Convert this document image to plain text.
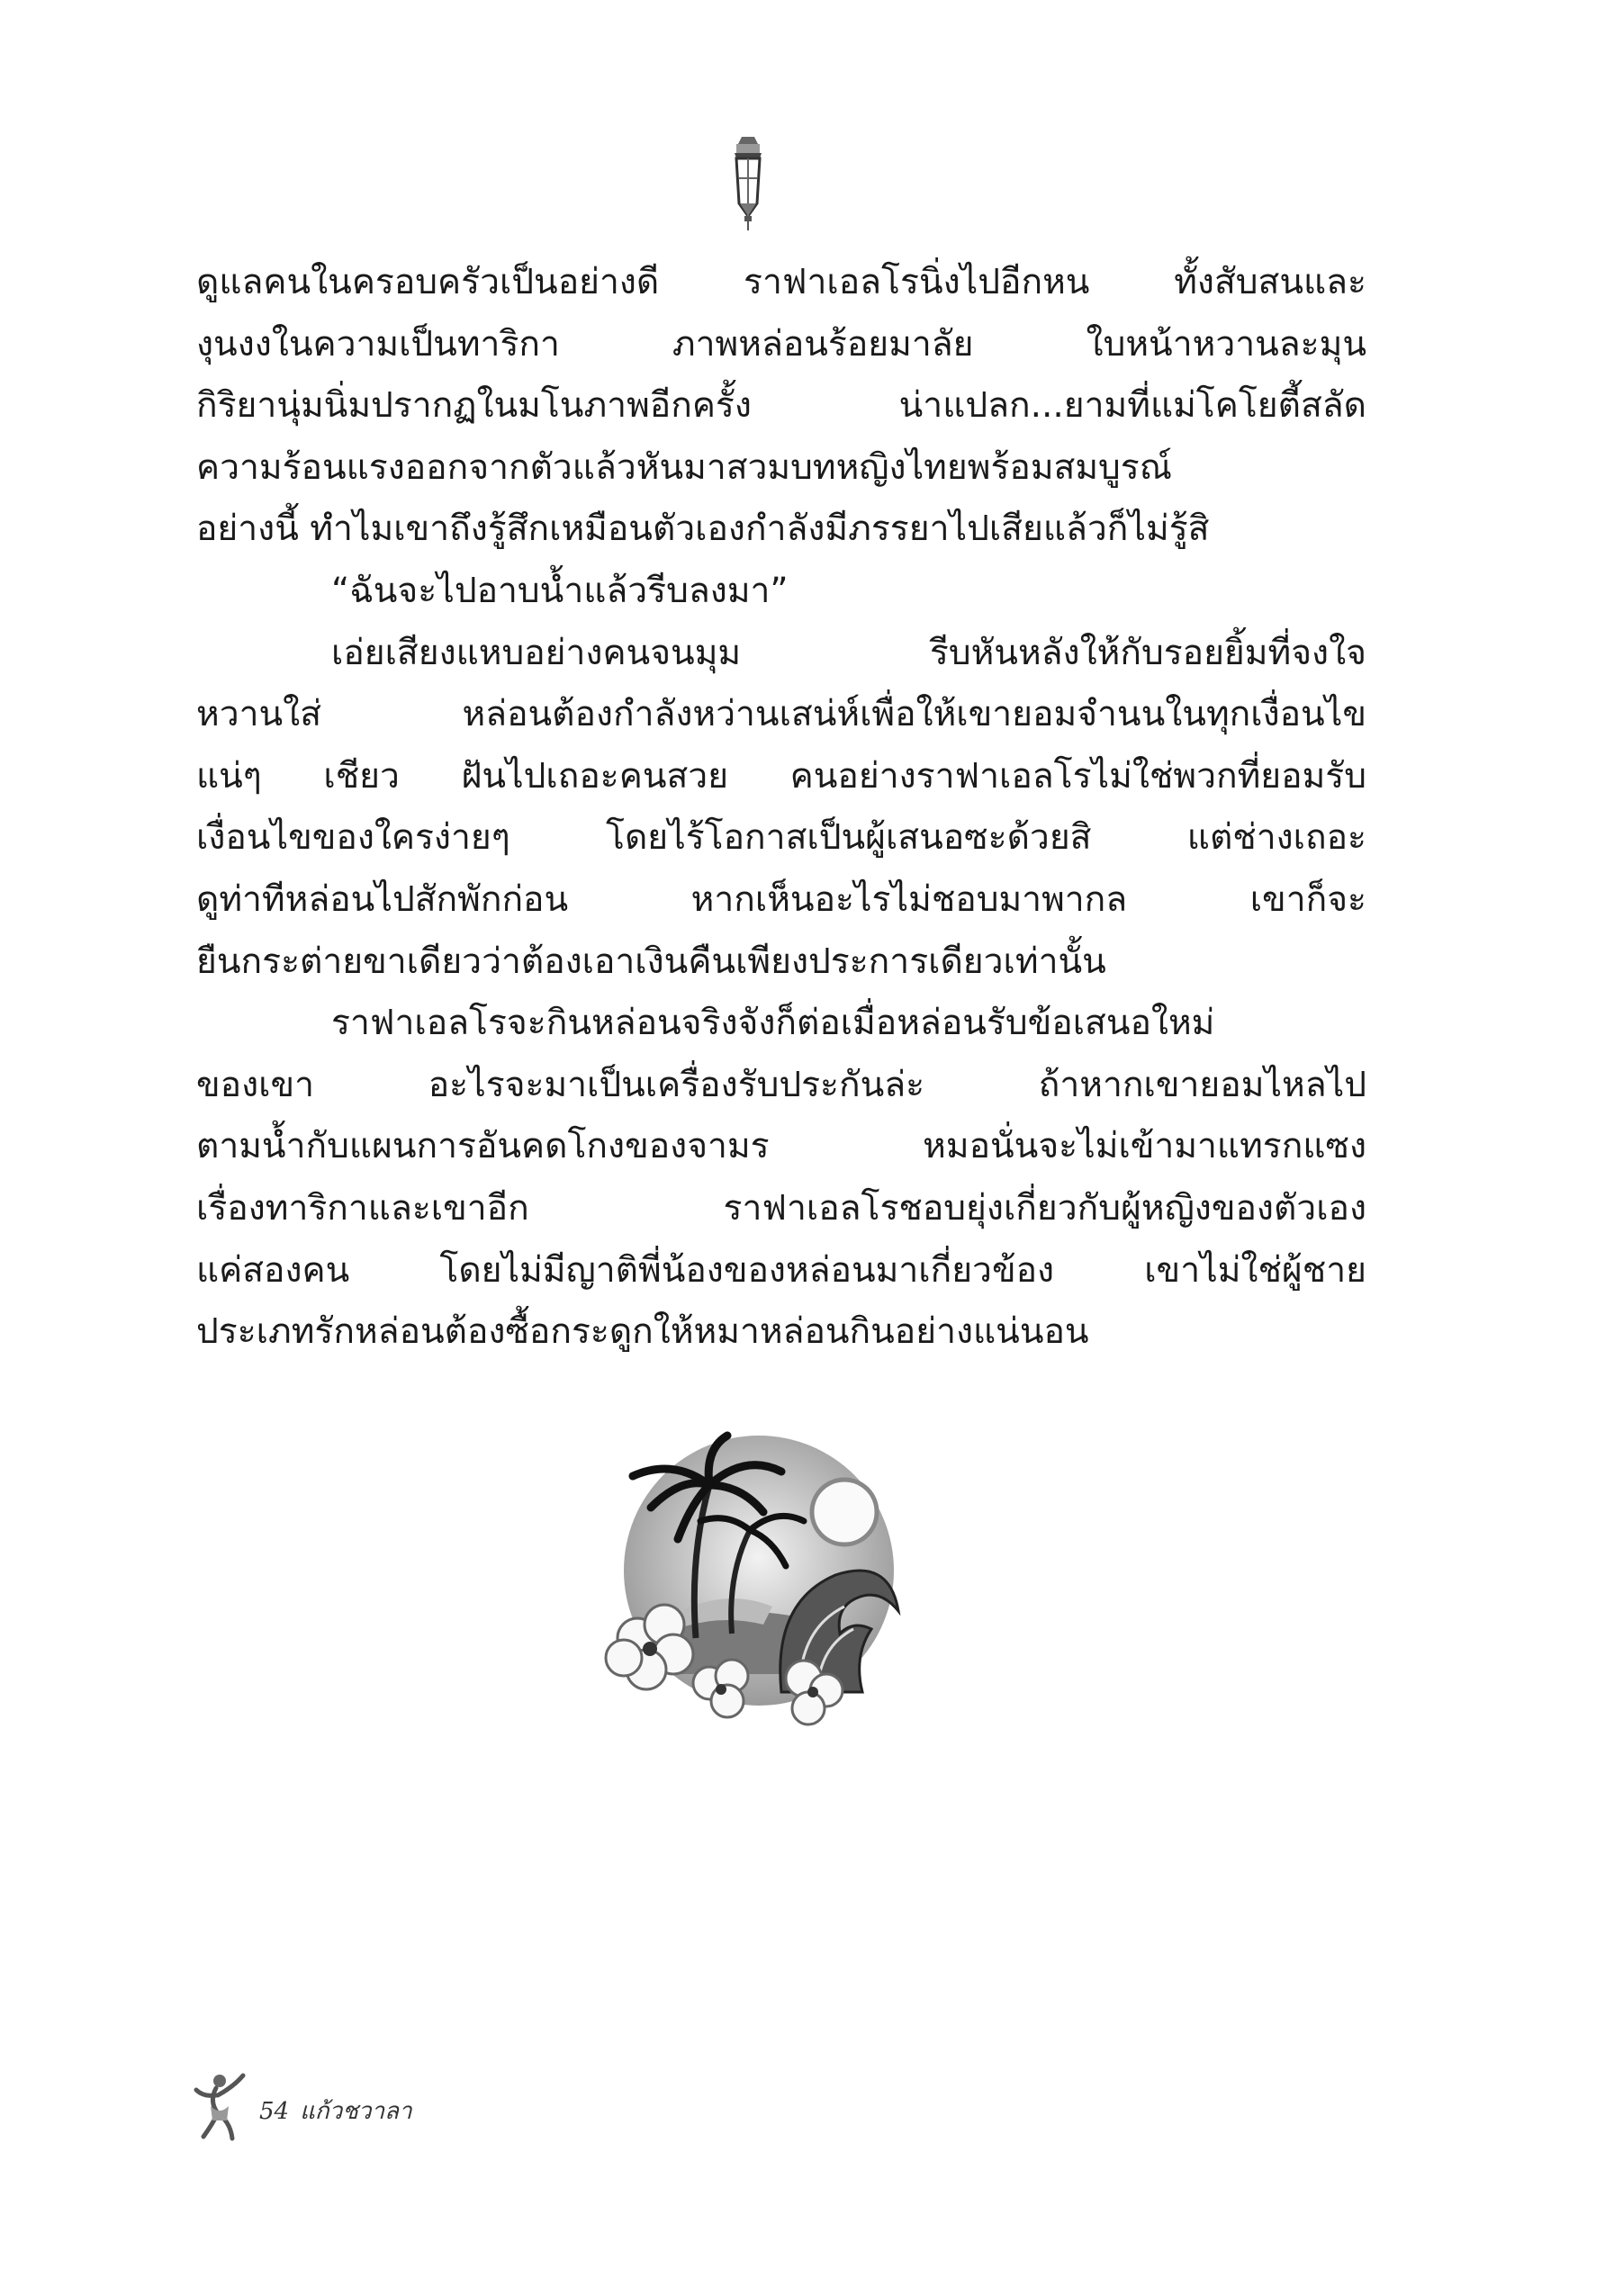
ดูแลคนในครอบครัวเป็นอย่างดี ราฟาเอลโรนิ่งไปอีกหน ทั้งสับสนและ
งุนงงในความเป็นทาริกา ภาพหล่อนร้อยมาลัย ใบหน้าหวานละมุน
กิริยานุ่มนิ่มปรากฏในมโนภาพอีกครั้ง น่าแปลก...ยามที่แม่โคโยตี้สลัด
ความร้อนแรงออกจากตัวแล้วหันมาสวมบทหญิงไทยพร้อมสมบูรณ์
อย่างนี้ ทำไมเขาถึงรู้สึกเหมือนตัวเองกำลังมีภรรยาไปเสียแล้วก็ไม่รู้สิ
“ฉันจะไปอาบน้ำแล้วรีบลงมา”
เอ่ยเสียงแหบอย่างคนจนมุม รีบหันหลังให้กับรอยยิ้มที่จงใจ
หวานใส่ หล่อนต้องกำลังหว่านเสน่ห์เพื่อให้เขายอมจำนนในทุกเงื่อนไข
แน่ๆ เชียว ฝันไปเถอะคนสวย คนอย่างราฟาเอลโรไม่ใช่พวกที่ยอมรับ
เงื่อนไขของใครง่ายๆ โดยไร้โอกาสเป็นผู้เสนอซะด้วยสิ แต่ช่างเถอะ
ดูท่าทีหล่อนไปสักพักก่อน หากเห็นอะไรไม่ชอบมาพากล เขาก็จะ
ยืนกระต่ายขาเดียวว่าต้องเอาเงินคืนเพียงประการเดียวเท่านั้น
ราฟาเอลโรจะกินหล่อนจริงจังก็ต่อเมื่อหล่อนรับข้อเสนอใหม่
ของเขา อะไรจะมาเป็นเครื่องรับประกันล่ะ ถ้าหากเขายอมไหลไป
ตามน้ำกับแผนการอันคดโกงของจามร หมอนั่นจะไม่เข้ามาแทรกแซง
เรื่องทาริกาและเขาอีก ราฟาเอลโรชอบยุ่งเกี่ยวกับผู้หญิงของตัวเอง
แค่สองคน โดยไม่มีญาติพี่น้องของหล่อนมาเกี่ยวข้อง เขาไม่ใช่ผู้ชาย
ประเภทรักหล่อนต้องซื้อกระดูกให้หมาหล่อนกินอย่างแน่นอน
54 แก้วชวาลา
